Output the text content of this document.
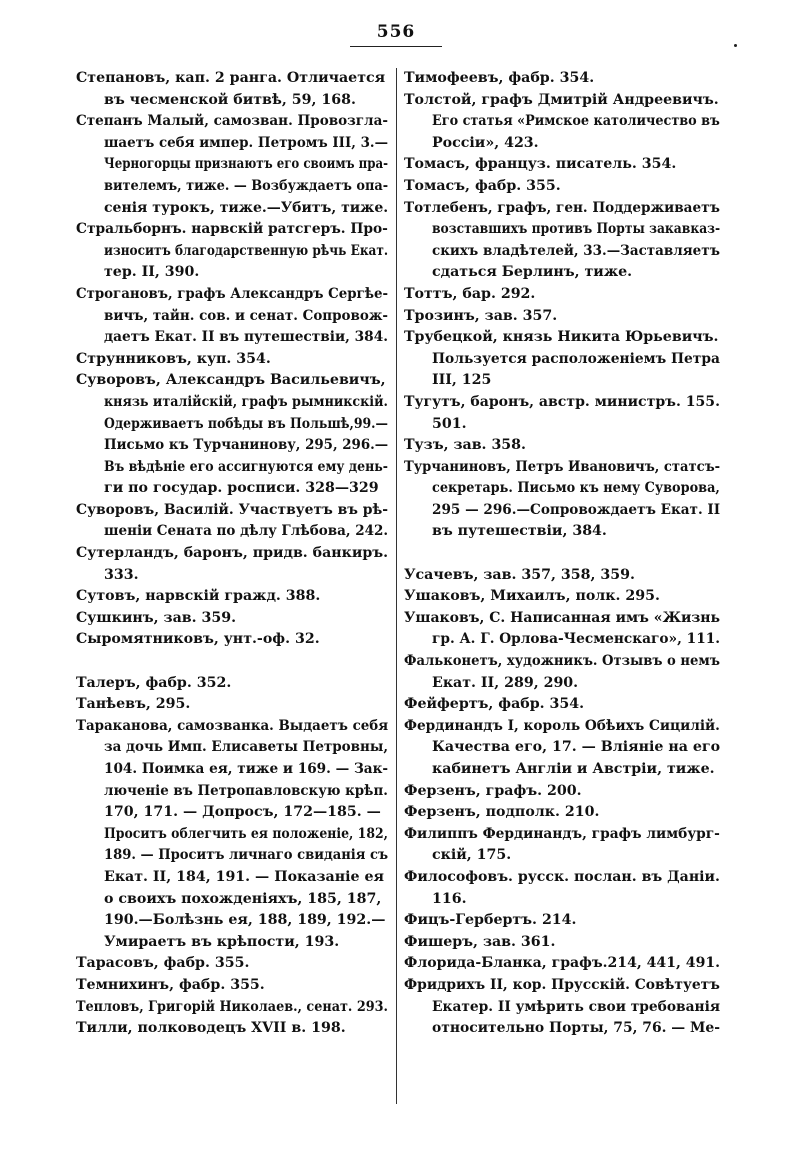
556
Степановъ, кап. 2 ранга. Отличается
въ чесменской битвѣ, 59, 168.
Степанъ Малый, самозван. Провозгла-
шаетъ себя импер. Петромъ III, 3.—
Черногорцы признаютъ его своимъ пра-
вителемъ, тиже. — Возбуждаетъ опа-
сенія турокъ, тиже.—Убитъ, тиже.
Стральборнъ. нарвскій ратсгеръ. Про-
износитъ благодарственную рѣчь Екат.
тер. II, 390.
Строгановъ, графъ Александръ Сергѣе-
вичъ, тайн. сов. и сенат. Сопровож-
даетъ Екат. II въ путешествіи, 384.
Струнниковъ, куп. 354.
Суворовъ, Александръ Васильевичъ,
князь италійскій, графъ рымникскій.
Одерживаетъ побѣды въ Польшѣ,99.—
Письмо къ Турчанинову, 295, 296.—
Въ вѣдѣніе его ассигнуются ему день-
ги по государ. росписи. 328—329
Суворовъ, Василій. Участвуетъ въ рѣ-
шеніи Сената по дѣлу Глѣбова, 242.
Сутерландъ, баронъ, придв. банкиръ.
333.
Сутовъ, нарвскій гражд. 388.
Сушкинъ, зав. 359.
Сыромятниковъ, унт.-оф. 32.
Талеръ, фабр. 352.
Танѣевъ, 295.
Тараканова, самозванка. Выдаетъ себя
за дочь Имп. Елисаветы Петровны,
104. Поимка ея, тиже и 169. — Зак-
люченіе въ Петропавловскую крѣп.
170, 171. — Допросъ, 172—185. —
Проситъ облегчить ея положеніе, 182,
189. — Проситъ личнаго свиданія съ
Екат. II, 184, 191. — Показаніе ея
о своихъ похожденіяхъ, 185, 187,
190.—Болѣзнь ея, 188, 189, 192.—
Умираетъ въ крѣпости, 193.
Тарасовъ, фабр. 355.
Темнихинъ, фабр. 355.
Тепловъ, Григорій Николаев., сенат. 293.
Тилли, полководецъ XVII в. 198.
Тимофеевъ, фабр. 354.
Толстой, графъ Дмитрій Андреевичъ.
Его статья «Римское католичество въ
Россіи», 423.
Томасъ, француз. писатель. 354.
Томасъ, фабр. 355.
Тотлебенъ, графъ, ген. Поддерживаетъ
возставшихъ противъ Порты закавказ-
скихъ владѣтелей, 33.—Заставляетъ
сдаться Берлинъ, тиже.
Тоттъ, бар. 292.
Трозинъ, зав. 357.
Трубецкой, князь Никита Юрьевичъ.
Пользуется расположеніемъ Петра
III, 125
Тугутъ, баронъ, австр. министръ. 155.
501.
Тузъ, зав. 358.
Турчаниновъ, Петръ Ивановичъ, статсъ-
секретарь. Письмо къ нему Суворова,
295 — 296.—Сопровождаетъ Екат. II
въ путешествіи, 384.
Усачевъ, зав. 357, 358, 359.
Ушаковъ, Михаилъ, полк. 295.
Ушаковъ, С. Написанная имъ «Жизнь
гр. А. Г. Орлова-Чесменскаго», 111.
Фальконетъ, художникъ. Отзывъ о немъ
Екат. II, 289, 290.
Фейфертъ, фабр. 354.
Фердинандъ I, король Обѣихъ Сицилій.
Качества его, 17. — Вліяніе на его
кабинетъ Англіи и Австріи, тиже.
Ферзенъ, графъ. 200.
Ферзенъ, подполк. 210.
Филиппъ Фердинандъ, графъ лимбург-
скій, 175.
Философовъ. русск. послан. въ Даніи.
116.
Фицъ-Гербертъ. 214.
Фишеръ, зав. 361.
Флорида-Бланка, графъ.214, 441, 491.
Фридрихъ II, кор. Прусскій. Совѣтуетъ
Екатер. II умѣрить свои требованія
относительно Порты, 75, 76. — Ме-
